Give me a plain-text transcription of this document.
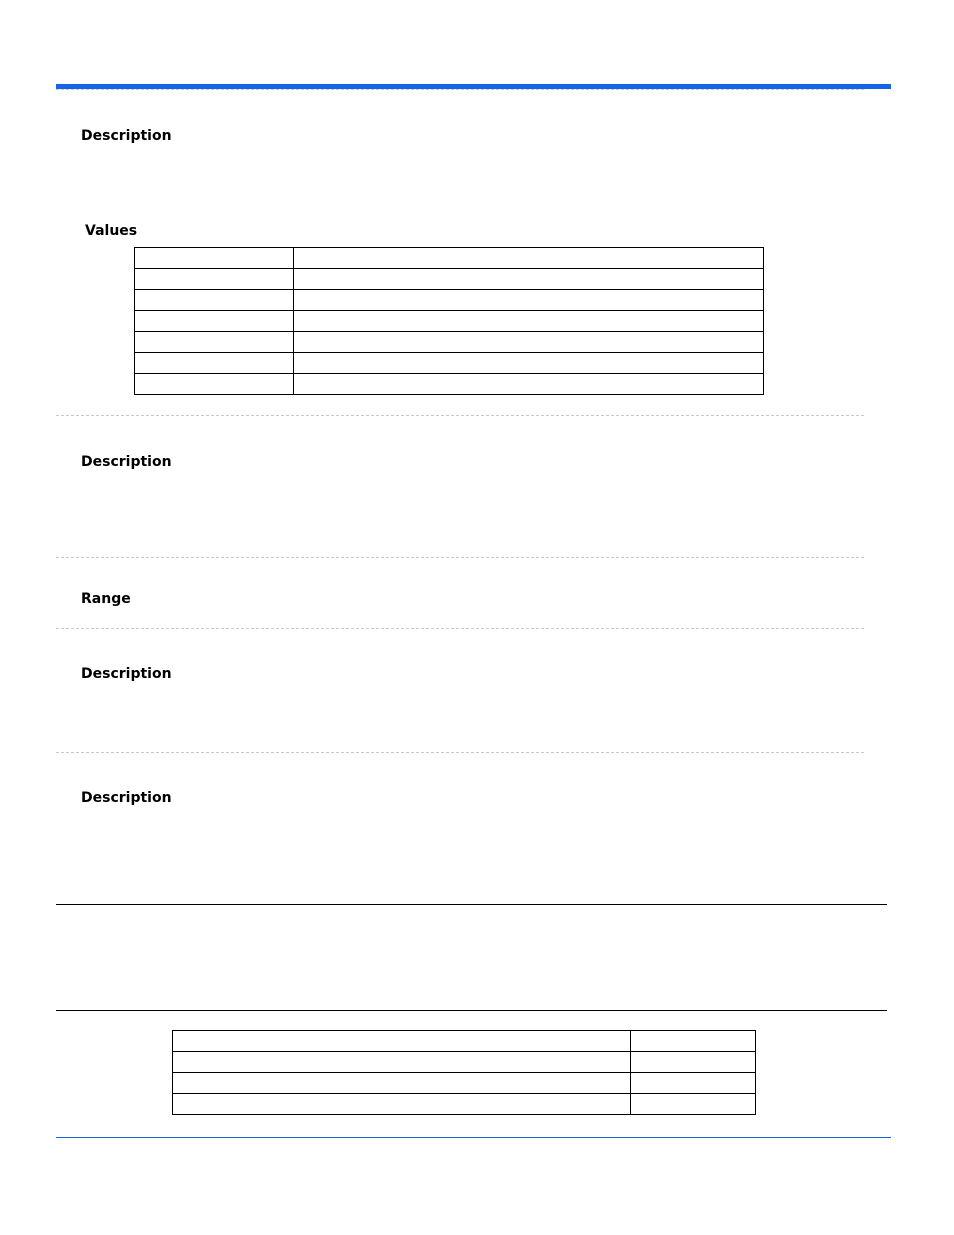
Description
Values

Description
Range
Description
Description
